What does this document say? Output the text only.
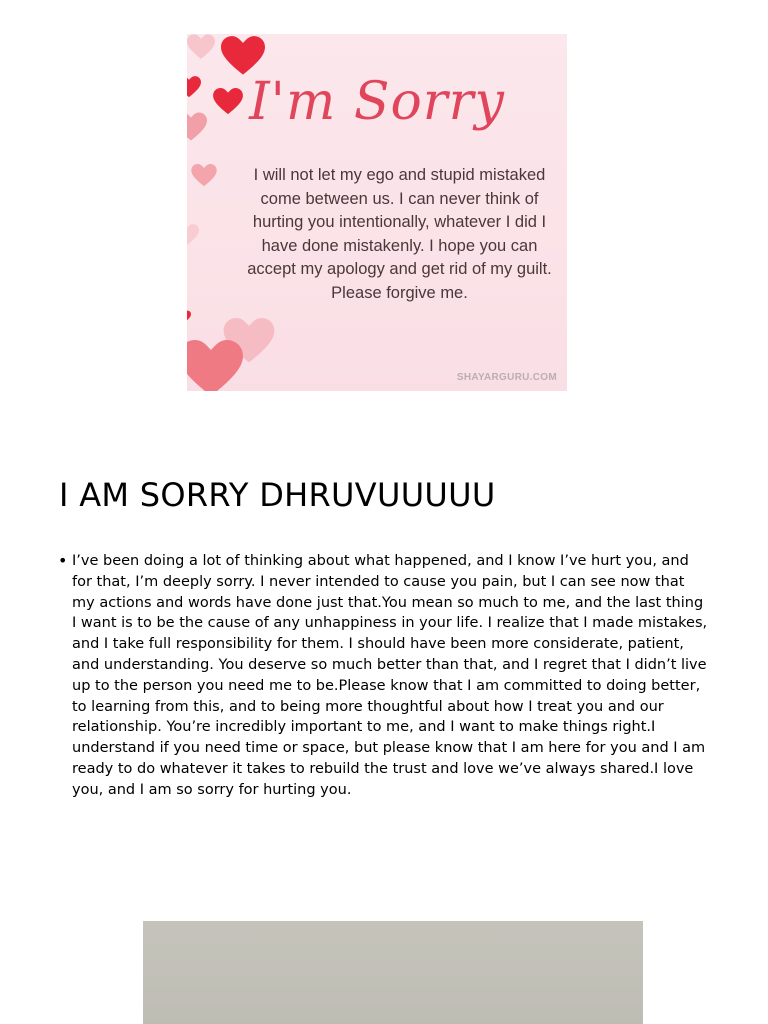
I'm Sorry
I will not let my ego and stupid mistaked come between us. I can never think of hurting you intentionally, whatever I did I have done mistakenly. I hope you can accept my apology and get rid of my guilt. Please forgive me.
SHAYARGURU.COM
I AM SORRY DHRUVUUUUU
• I’ve been doing a lot of thinking about what happened, and I know I’ve hurt you, and for that, I’m deeply sorry. I never intended to cause you pain, but I can see now that my actions and words have done just that.You mean so much to me, and the last thing I want is to be the cause of any unhappiness in your life. I realize that I made mistakes, and I take full responsibility for them. I should have been more considerate, patient, and understanding. You deserve so much better than that, and I regret that I didn’t live up to the person you need me to be.Please know that I am committed to doing better, to learning from this, and to being more thoughtful about how I treat you and our relationship. You’re incredibly important to me, and I want to make things right.I understand if you need time or space, but please know that I am here for you and I am ready to do whatever it takes to rebuild the trust and love we’ve always shared.I love you, and I am so sorry for hurting you.
